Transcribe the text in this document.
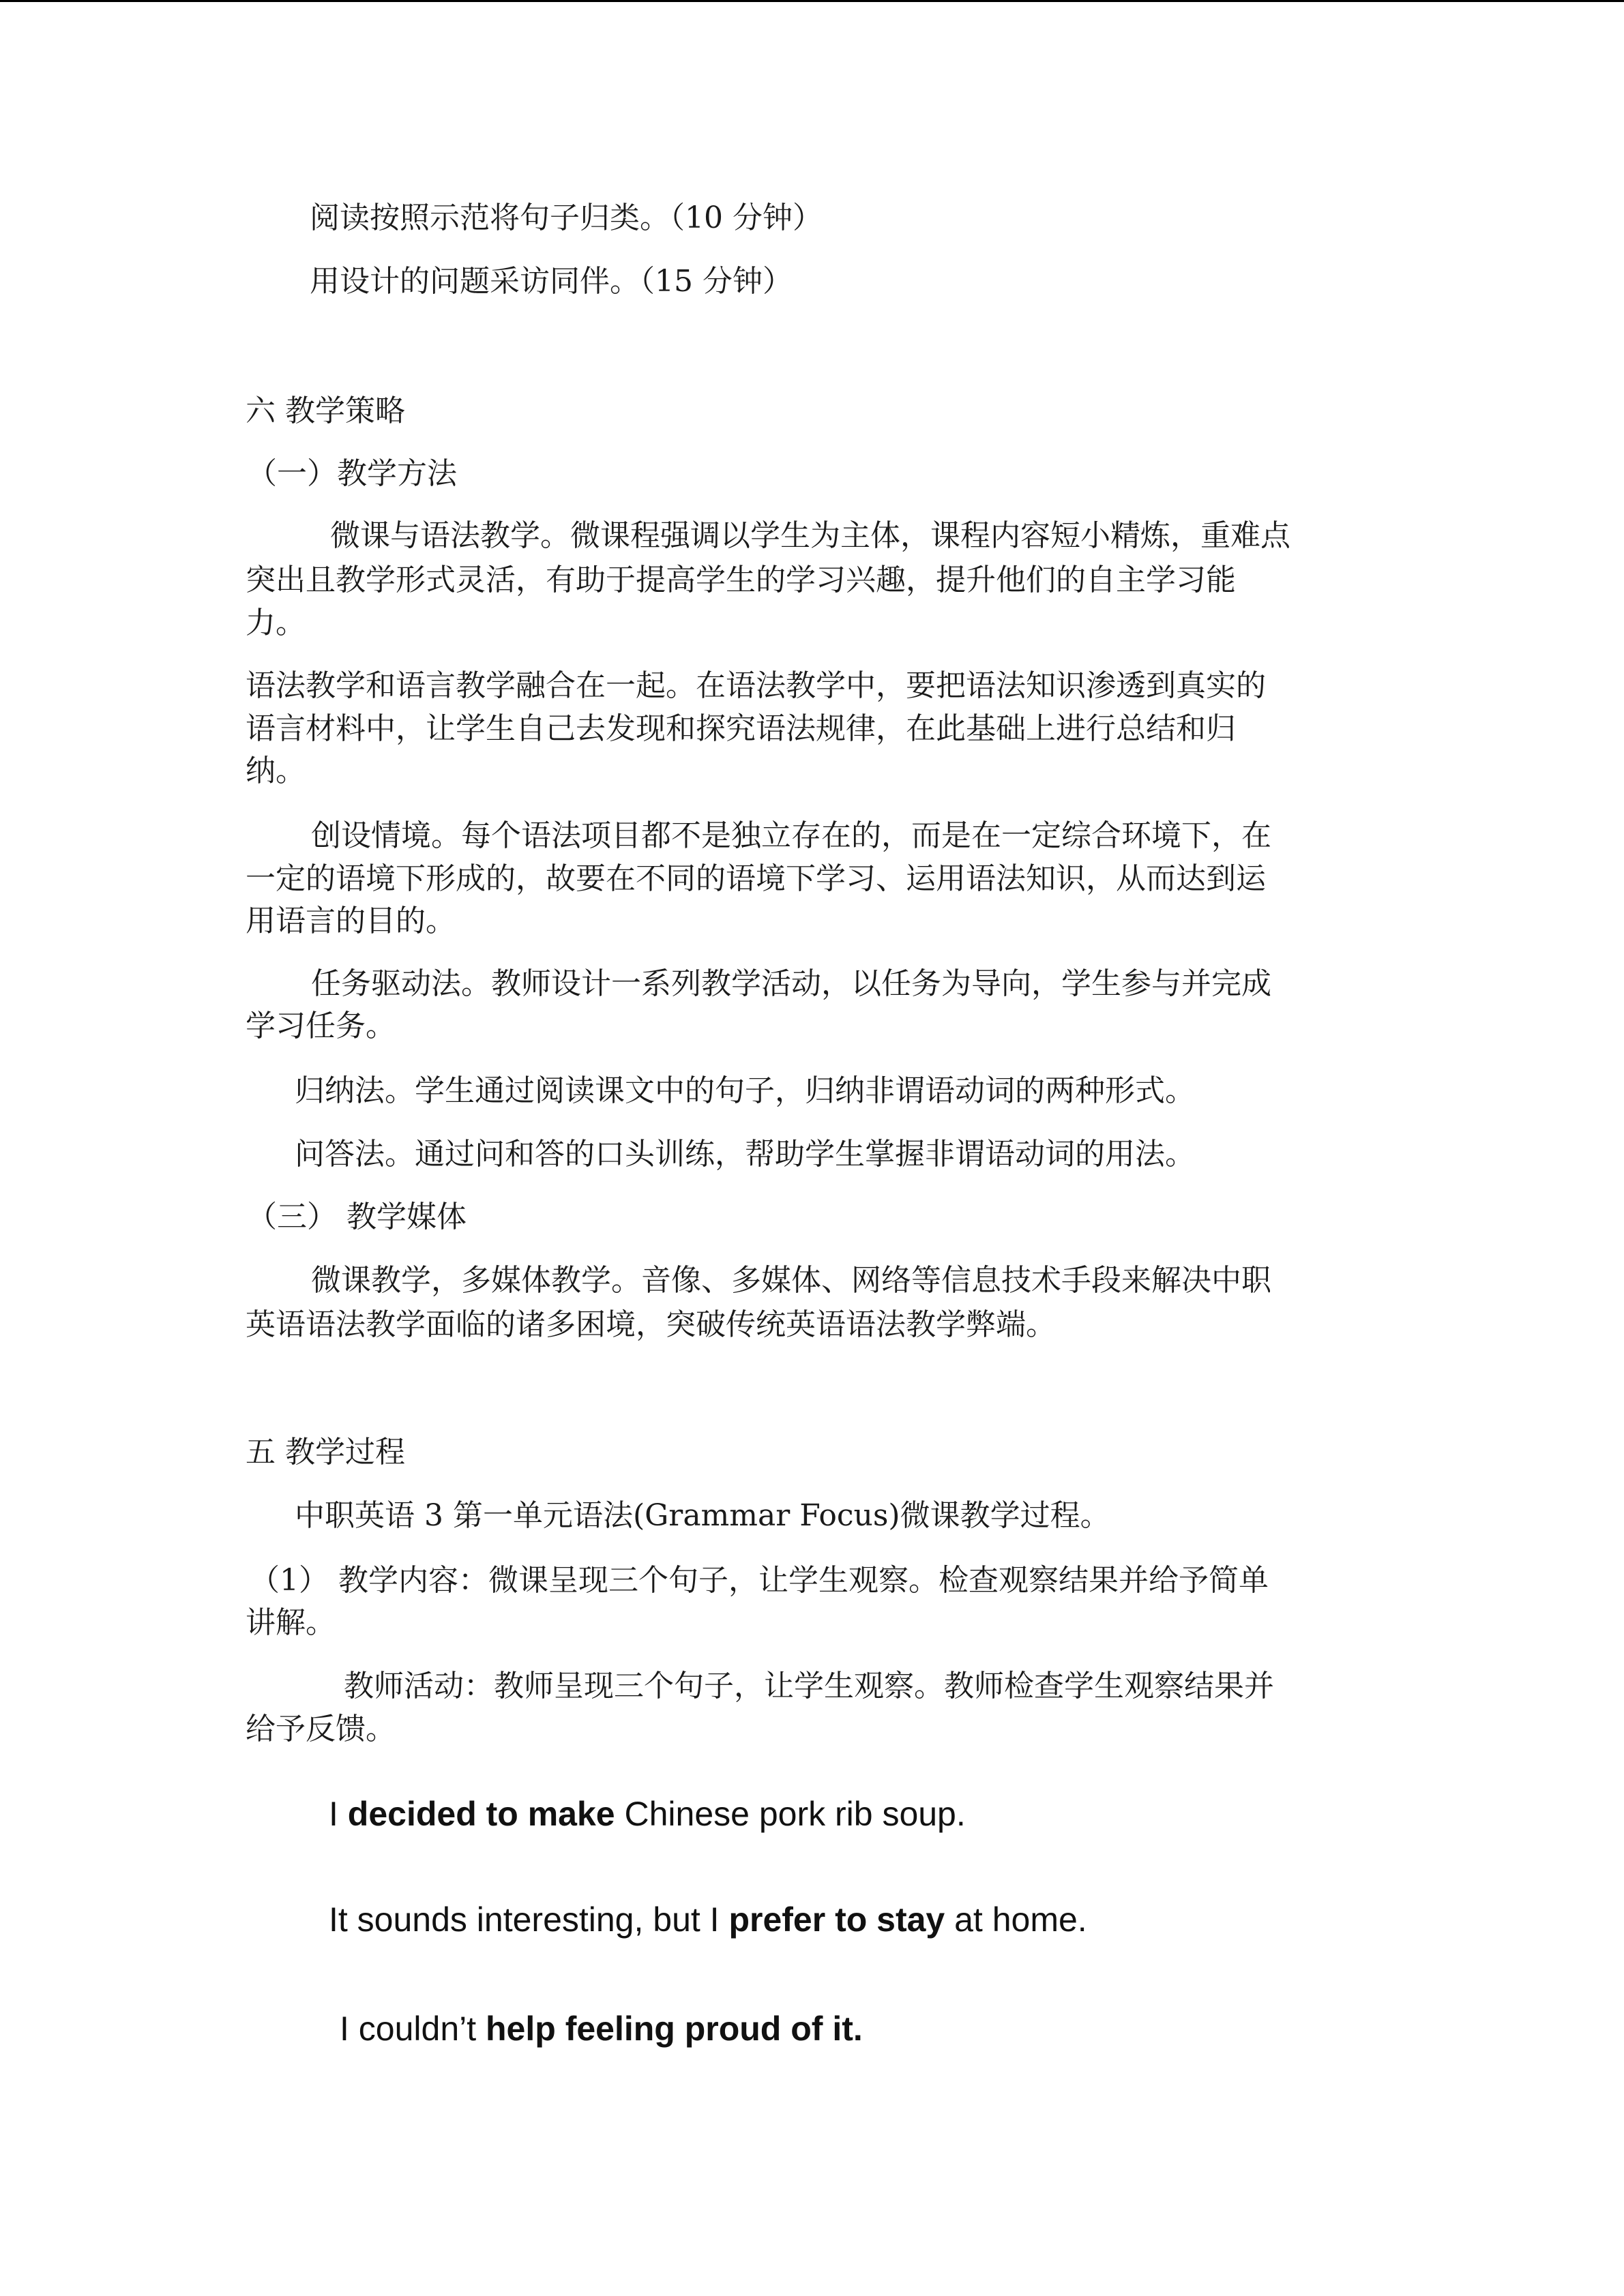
阅读按照示范将句子归类。（10 分钟）

用设计的问题采访同伴。（15 分钟）

六 教学策略

（一）教学方法

微课与语法教学。微课程强调以学生为主体，课程内容短小精炼，重难点

突出且教学形式灵活，有助于提高学生的学习兴趣，提升他们的自主学习能

力。

语法教学和语言教学融合在一起。在语法教学中，要把语法知识渗透到真实的

语言材料中，让学生自己去发现和探究语法规律，在此基础上进行总结和归

纳。

创设情境。每个语法项目都不是独立存在的，而是在一定综合环境下，在

一定的语境下形成的，故要在不同的语境下学习、运用语法知识，从而达到运

用语言的目的。

任务驱动法。教师设计一系列教学活动，以任务为导向，学生参与并完成

学习任务。

归纳法。学生通过阅读课文中的句子，归纳非谓语动词的两种形式。

问答法。通过问和答的口头训练，帮助学生掌握非谓语动词的用法。

（三） 教学媒体

微课教学，多媒体教学。音像、多媒体、网络等信息技术手段来解决中职

英语语法教学面临的诸多困境，突破传统英语语法教学弊端。

五 教学过程

中职英语 3 第一单元语法(Grammar Focus)微课教学过程。

（1） 教学内容：微课呈现三个句子，让学生观察。检查观察结果并给予简单

讲解。

教师活动：教师呈现三个句子，让学生观察。教师检查学生观察结果并

给予反馈。

I decided to make Chinese pork rib soup.

It sounds interesting, but I prefer to stay at home.

I couldn’t help feeling proud of it.
